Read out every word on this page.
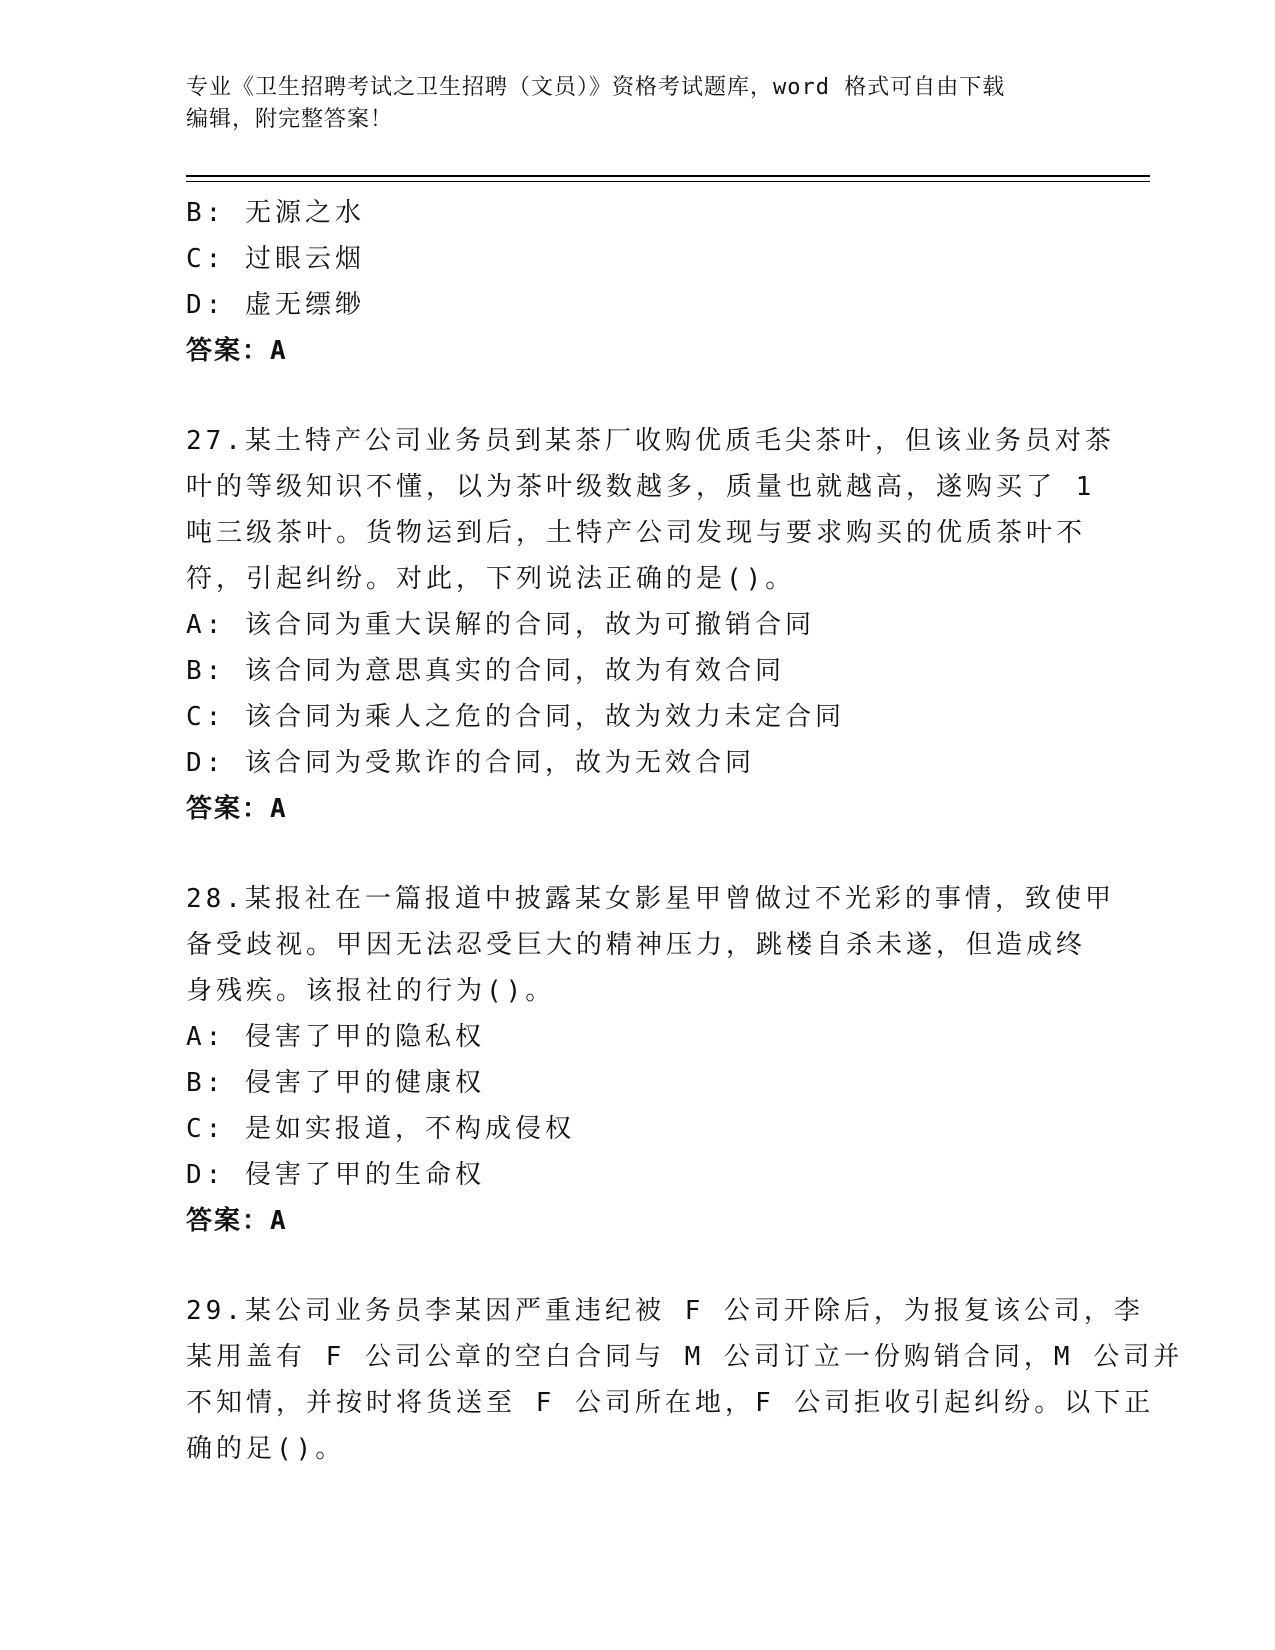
专业《卫生招聘考试之卫生招聘（文员）》资格考试题库，word 格式可自由下载
编辑，附完整答案！
B: 无源之水
C: 过眼云烟
D: 虚无缥缈
答案：A
27.某土特产公司业务员到某茶厂收购优质毛尖茶叶，但该业务员对茶
叶的等级知识不懂，以为茶叶级数越多，质量也就越高，遂购买了 1
吨三级茶叶。货物运到后，土特产公司发现与要求购买的优质茶叶不
符，引起纠纷。对此，下列说法正确的是()。
A: 该合同为重大误解的合同，故为可撤销合同
B: 该合同为意思真实的合同，故为有效合同
C: 该合同为乘人之危的合同，故为效力未定合同
D: 该合同为受欺诈的合同，故为无效合同
答案：A
28.某报社在一篇报道中披露某女影星甲曾做过不光彩的事情，致使甲
备受歧视。甲因无法忍受巨大的精神压力，跳楼自杀未遂，但造成终
身残疾。该报社的行为()。
A: 侵害了甲的隐私权
B: 侵害了甲的健康权
C: 是如实报道，不构成侵权
D: 侵害了甲的生命权
答案：A
29.某公司业务员李某因严重违纪被 F 公司开除后，为报复该公司，李
某用盖有 F 公司公章的空白合同与 M 公司订立一份购销合同，M 公司并
不知情，并按时将货送至 F 公司所在地，F 公司拒收引起纠纷。以下正
确的足()。
